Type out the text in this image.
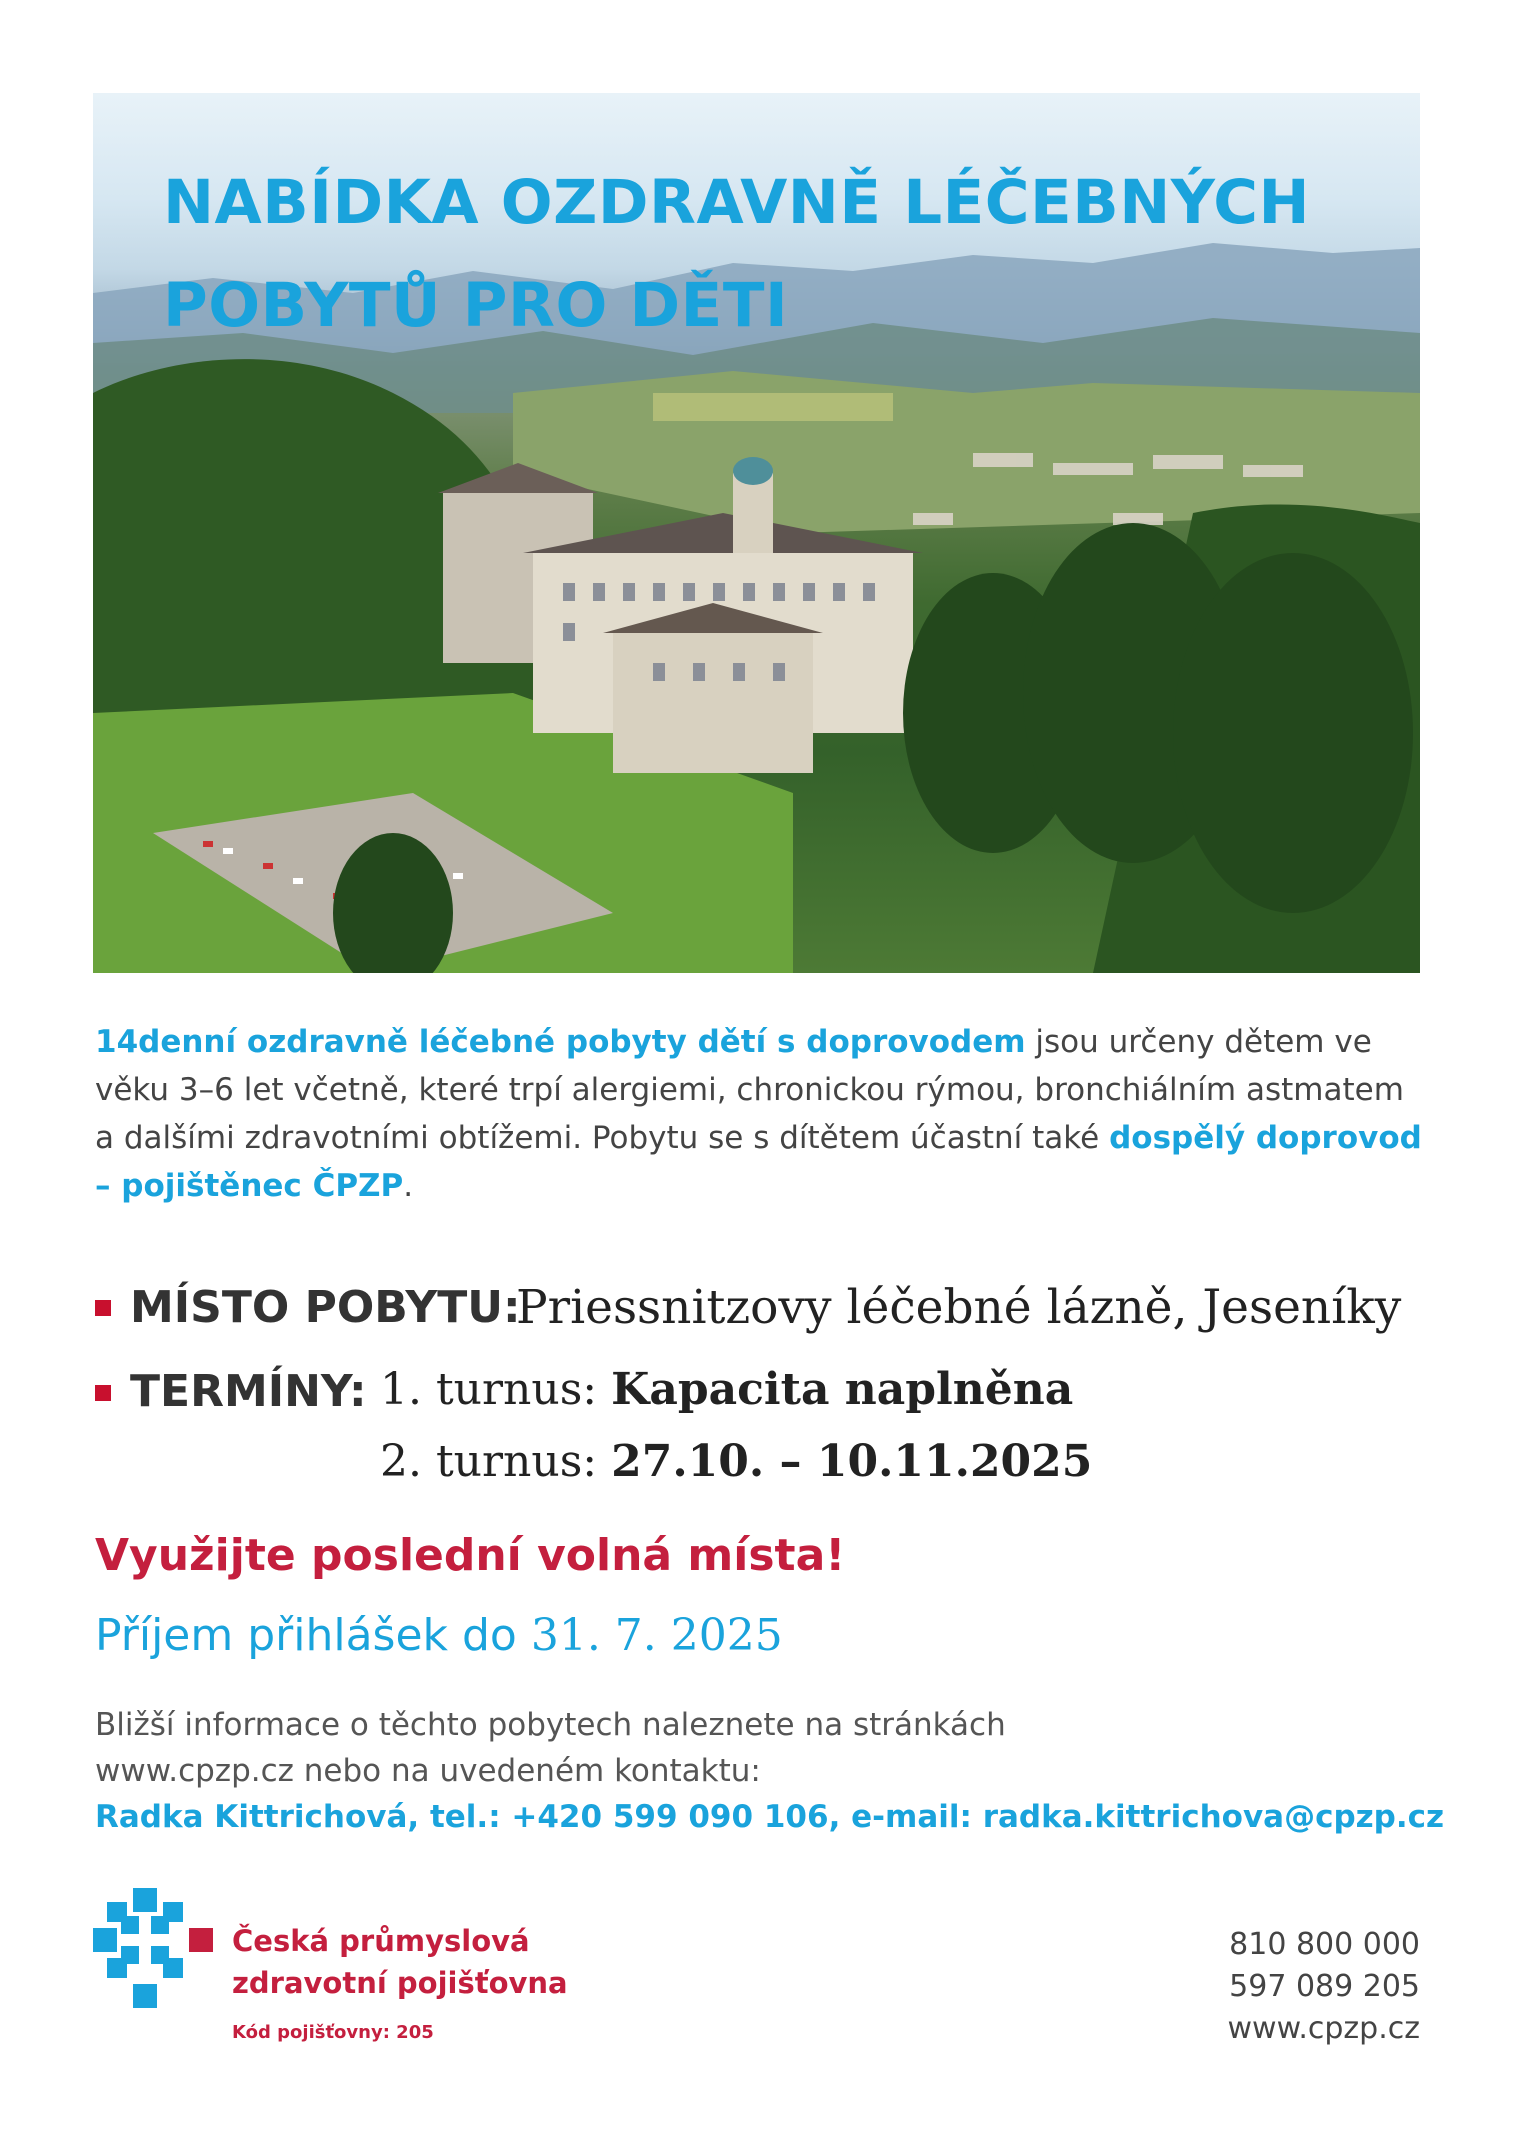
NABÍDKA OZDRAVNĚ LÉČEBNÝCH
POBYTŮ PRO DĚTI

14denní ozdravně léčebné pobyty dětí s doprovodem jsou určeny dětem ve věku 3–6 let včetně, které trpí alergiemi, chronickou rýmou, bronchiálním astmatem a dalšími zdravotními obtížemi. Pobytu se s dítětem účastní také dospělý doprovod – pojištěnec ČPZP.

MÍSTO POBYTU:
Priessnitzovy léčebné lázně, Jeseníky
TERMÍNY: 1. turnus: Kapacita naplněna
2. turnus: 27.10. – 10.11.2025

Využijte poslední volná místa!

Příjem přihlášek do 31. 7. 2025

Bližší informace o těchto pobytech naleznete na stránkách
www.cpzp.cz nebo na uvedeném kontaktu:
Radka Kittrichová, tel.: +420 599 090 106, e-mail: radka.kittrichova@cpzp.cz

Česká průmyslová
zdravotní pojišťovna

Kód pojišťovny: 205

810 800 000
597 089 205
www.cpzp.cz
